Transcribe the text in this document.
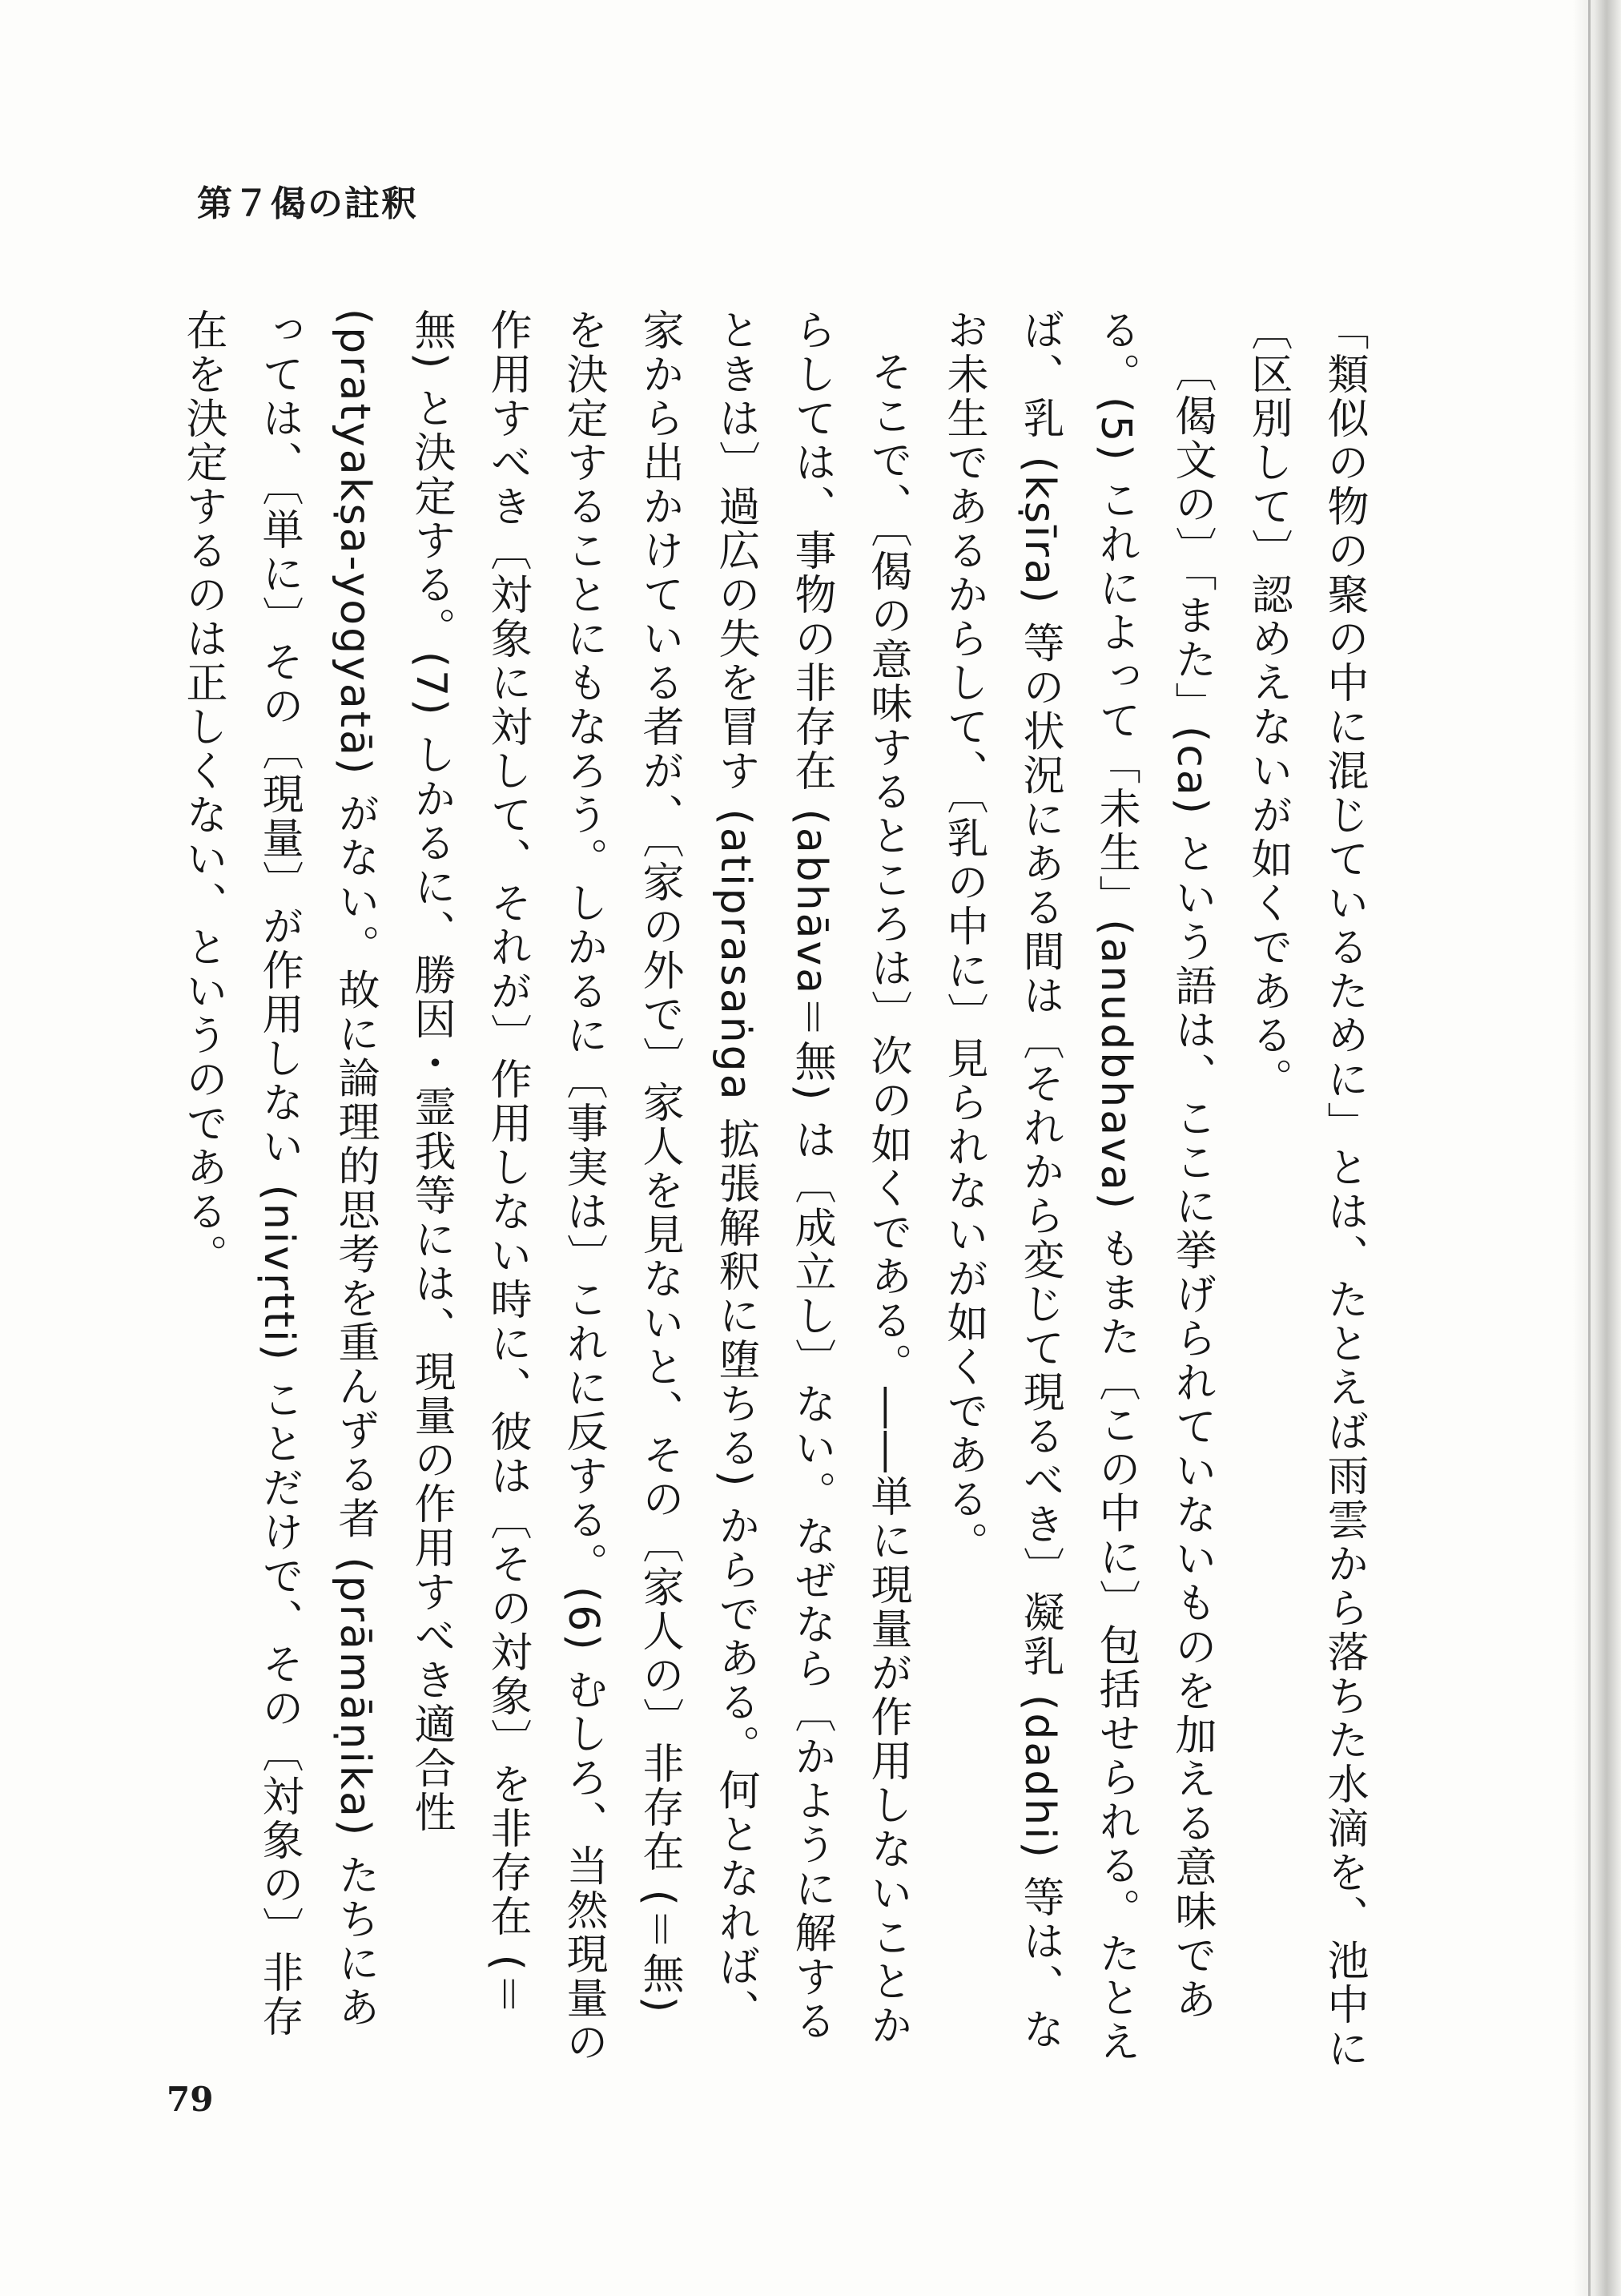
第７偈の註釈

「類似の物の聚の中に混じているために」とは、たとえば雨雲から落ちた水滴を、池中に〔区別して〕認めえないが如くである。

〔偈文の〕「また」(ca) という語は、ここに挙げられていないものを加える意味である。(5) これによって「未生」(anudbhava) もまた〔この中に〕包括せられる。たとえば、乳 (kṣīra) 等の状況にある間は〔それから変じて現るべき〕凝乳 (dadhi) 等は、なお未生であるからして、〔乳の中に〕見られないが如くである。

そこで、〔偈の意味するところは〕次の如くである。――単に現量が作用しないことからしては、事物の非存在 (abhāva＝無) は〔成立し〕ない。なぜなら〔かように解するときは〕過広の失を冒す (atiprasaṅga 拡張解釈に堕ちる) からである。何となれば、家から出かけている者が、〔家の外で〕家人を見ないと、その〔家人の〕非存在 (＝無) を決定することにもなろう。しかるに〔事実は〕これに反する。(6) むしろ、当然現量の作用すべき〔対象に対して、それが〕作用しない時に、彼は〔その対象〕を非存在 (＝無) と決定する。(7) しかるに、勝因・霊我等には、現量の作用すべき適合性 (pratyakṣa-yogyatā) がない。故に論理的思考を重んずる者 (prāmāṇika) たちにあっては、〔単に〕その〔現量〕が作用しない (nivṛtti) ことだけで、その〔対象の〕非存在を決定するのは正しくない、というのである。

79
